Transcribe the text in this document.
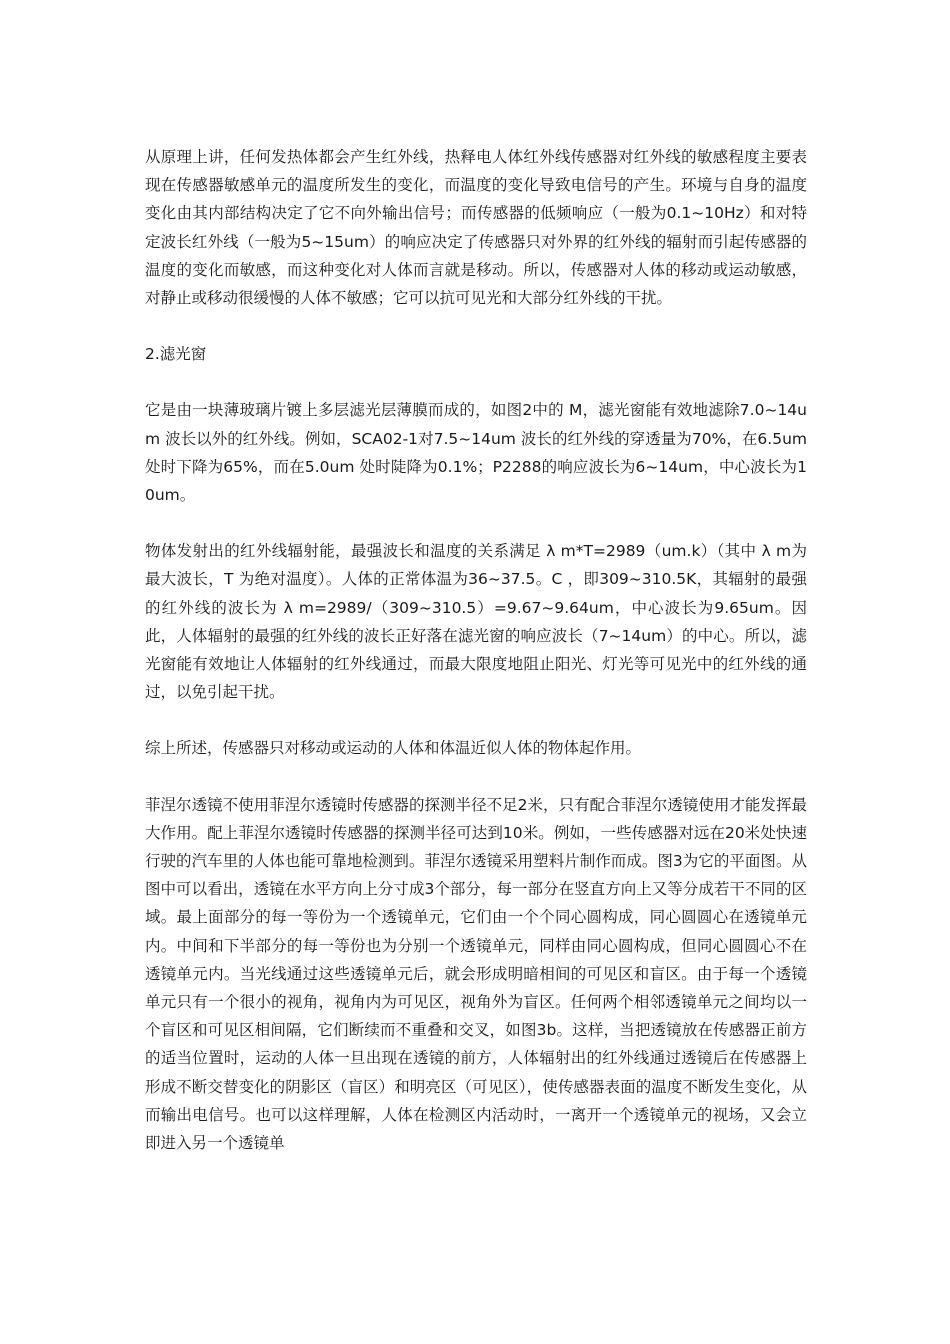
从原理上讲，任何发热体都会产生红外线，热释电人体红外线传感器对红外线的敏感程度主要表现在传感器敏感单元的温度所发生的变化，而温度的变化导致电信号的产生。环境与自身的温度变化由其内部结构决定了它不向外输出信号；而传感器的低频响应（一般为0.1~10Hz）和对特定波长红外线（一般为5~15um）的响应决定了传感器只对外界的红外线的辐射而引起传感器的温度的变化而敏感，而这种变化对人体而言就是移动。所以，传感器对人体的移动或运动敏感，对静止或移动很缓慢的人体不敏感；它可以抗可见光和大部分红外线的干扰。

2.滤光窗

它是由一块薄玻璃片镀上多层滤光层薄膜而成的，如图2中的 M，滤光窗能有效地滤除7.0~14um 波长以外的红外线。例如，SCA02-1对7.5~14um 波长的红外线的穿透量为70%，在6.5um 处时下降为65%，而在5.0um 处时陡降为0.1%；P2288的响应波长为6~14um，中心波长为10um。

物体发射出的红外线辐射能，最强波长和温度的关系满足 λ m*T=2989（um.k）（其中 λ m为最大波长，T 为绝对温度）。人体的正常体温为36~37.5。C ，即309~310.5K，其辐射的最强的红外线的波长为 λ m=2989/（309~310.5）=9.67~9.64um，中心波长为9.65um。因此，人体辐射的最强的红外线的波长正好落在滤光窗的响应波长（7~14um）的中心。所以，滤光窗能有效地让人体辐射的红外线通过，而最大限度地阻止阳光、灯光等可见光中的红外线的通过，以免引起干扰。

综上所述，传感器只对移动或运动的人体和体温近似人体的物体起作用。

菲涅尔透镜不使用菲涅尔透镜时传感器的探测半径不足2米，只有配合菲涅尔透镜使用才能发挥最大作用。配上菲涅尔透镜时传感器的探测半径可达到10米。例如，一些传感器对远在20米处快速行驶的汽车里的人体也能可靠地检测到。菲涅尔透镜采用塑料片制作而成。图3为它的平面图。从图中可以看出，透镜在水平方向上分寸成3个部分，每一部分在竖直方向上又等分成若干不同的区域。最上面部分的每一等份为一个透镜单元，它们由一个个同心圆构成，同心圆圆心在透镜单元内。中间和下半部分的每一等份也为分别一个透镜单元，同样由同心圆构成，但同心圆圆心不在透镜单元内。当光线通过这些透镜单元后，就会形成明暗相间的可见区和盲区。由于每一个透镜单元只有一个很小的视角，视角内为可见区，视角外为盲区。任何两个相邻透镜单元之间均以一个盲区和可见区相间隔，它们断续而不重叠和交叉，如图3b。这样，当把透镜放在传感器正前方的适当位置时，运动的人体一旦出现在透镜的前方，人体辐射出的红外线通过透镜后在传感器上形成不断交替变化的阴影区（盲区）和明亮区（可见区），使传感器表面的温度不断发生变化，从而输出电信号。也可以这样理解，人体在检测区内活动时，一离开一个透镜单元的视场，又会立即进入另一个透镜单
